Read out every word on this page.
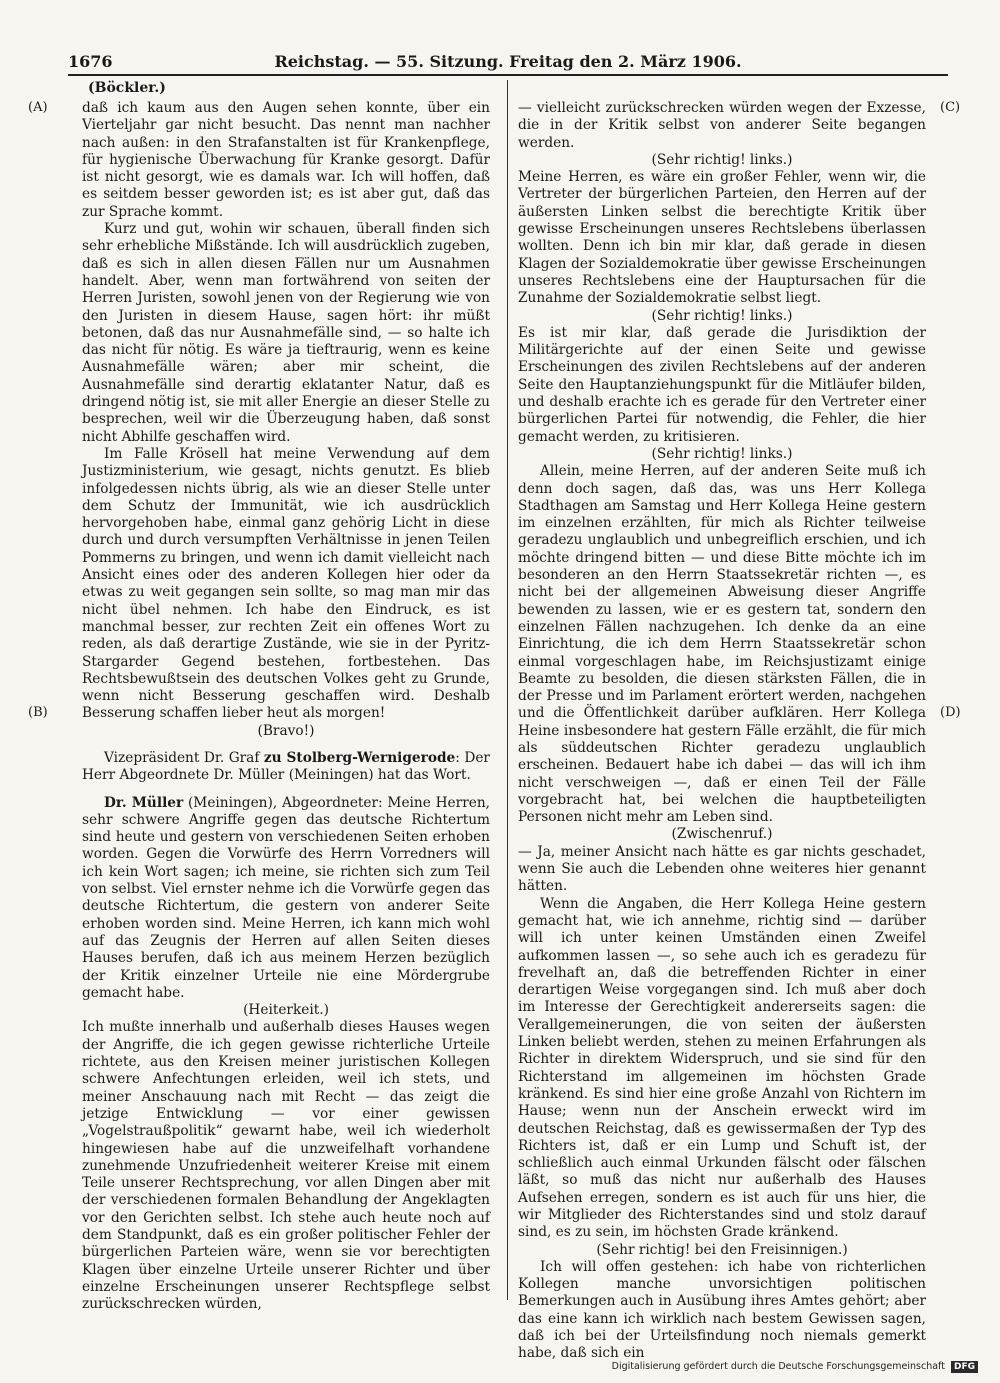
1676	Reichstag. — 55. Sitzung. Freitag den 2. März 1906.
(Böckler.)
(A)
(B)
(C)
(D)

daß ich kaum aus den Augen sehen konnte, über ein Vierteljahr gar nicht besucht. Das nennt man nachher nach außen: in den Strafanstalten ist für Krankenpflege, für hygienische Überwachung für Kranke gesorgt. Dafür ist nicht gesorgt, wie es damals war. Ich will hoffen, daß es seitdem besser geworden ist; es ist aber gut, daß das zur Sprache kommt.

Kurz und gut, wohin wir schauen, überall finden sich sehr erhebliche Mißstände. Ich will ausdrücklich zugeben, daß es sich in allen diesen Fällen nur um Ausnahmen handelt. Aber, wenn man fortwährend von seiten der Herren Juristen, sowohl jenen von der Regierung wie von den Juristen in diesem Hause, sagen hört: ihr müßt betonen, daß das nur Ausnahmefälle sind, — so halte ich das nicht für nötig. Es wäre ja tieftraurig, wenn es keine Ausnahmefälle wären; aber mir scheint, die Ausnahmefälle sind derartig eklatanter Natur, daß es dringend nötig ist, sie mit aller Energie an dieser Stelle zu besprechen, weil wir die Überzeugung haben, daß sonst nicht Abhilfe geschaffen wird.

Im Falle Krösell hat meine Verwendung auf dem Justizministerium, wie gesagt, nichts genutzt. Es blieb infolgedessen nichts übrig, als wie an dieser Stelle unter dem Schutz der Immunität, wie ich ausdrücklich hervorgehoben habe, einmal ganz gehörig Licht in diese durch und durch versumpften Verhältnisse in jenen Teilen Pommerns zu bringen, und wenn ich damit vielleicht nach Ansicht eines oder des anderen Kollegen hier oder da etwas zu weit gegangen sein sollte, so mag man mir das nicht übel nehmen. Ich habe den Eindruck, es ist manchmal besser, zur rechten Zeit ein offenes Wort zu reden, als daß derartige Zustände, wie sie in der Pyritz-Stargarder Gegend bestehen, fortbestehen. Das Rechtsbewußtsein des deutschen Volkes geht zu Grunde, wenn nicht Besserung geschaffen wird. Deshalb Besserung schaffen lieber heut als morgen!

(Bravo!)

Vizepräsident Dr. Graf zu Stolberg-Wernigerode: Der Herr Abgeordnete Dr. Müller (Meiningen) hat das Wort.

Dr. Müller (Meiningen), Abgeordneter: Meine Herren, sehr schwere Angriffe gegen das deutsche Richtertum sind heute und gestern von verschiedenen Seiten erhoben worden. Gegen die Vorwürfe des Herrn Vorredners will ich kein Wort sagen; ich meine, sie richten sich zum Teil von selbst. Viel ernster nehme ich die Vorwürfe gegen das deutsche Richtertum, die gestern von anderer Seite erhoben worden sind. Meine Herren, ich kann mich wohl auf das Zeugnis der Herren auf allen Seiten dieses Hauses berufen, daß ich aus meinem Herzen bezüglich der Kritik einzelner Urteile nie eine Mördergrube gemacht habe.

(Heiterkeit.)

Ich mußte innerhalb und außerhalb dieses Hauses wegen der Angriffe, die ich gegen gewisse richterliche Urteile richtete, aus den Kreisen meiner juristischen Kollegen schwere Anfechtungen erleiden, weil ich stets, und meiner Anschauung nach mit Recht — das zeigt die jetzige Entwicklung — vor einer gewissen „Vogelstraußpolitik“ gewarnt habe, weil ich wiederholt hingewiesen habe auf die unzweifelhaft vorhandene zunehmende Unzufriedenheit weiterer Kreise mit einem Teile unserer Rechtsprechung, vor allen Dingen aber mit der verschiedenen formalen Behandlung der Angeklagten vor den Gerichten selbst. Ich stehe auch heute noch auf dem Standpunkt, daß es ein großer politischer Fehler der bürgerlichen Parteien wäre, wenn sie vor berechtigten Klagen über einzelne Urteile unserer Richter und über einzelne Erscheinungen unserer Rechtspflege selbst zurückschrecken würden,

— vielleicht zurückschrecken würden wegen der Exzesse, die in der Kritik selbst von anderer Seite begangen werden.

(Sehr richtig! links.)

Meine Herren, es wäre ein großer Fehler, wenn wir, die Vertreter der bürgerlichen Parteien, den Herren auf der äußersten Linken selbst die berechtigte Kritik über gewisse Erscheinungen unseres Rechtslebens überlassen wollten. Denn ich bin mir klar, daß gerade in diesen Klagen der Sozialdemokratie über gewisse Erscheinungen unseres Rechtslebens eine der Hauptursachen für die Zunahme der Sozialdemokratie selbst liegt.

(Sehr richtig! links.)

Es ist mir klar, daß gerade die Jurisdiktion der Militärgerichte auf der einen Seite und gewisse Erscheinungen des zivilen Rechtslebens auf der anderen Seite den Hauptanziehungspunkt für die Mitläufer bilden, und deshalb erachte ich es gerade für den Vertreter einer bürgerlichen Partei für notwendig, die Fehler, die hier gemacht werden, zu kritisieren.

(Sehr richtig! links.)

Allein, meine Herren, auf der anderen Seite muß ich denn doch sagen, daß das, was uns Herr Kollega Stadthagen am Samstag und Herr Kollega Heine gestern im einzelnen erzählten, für mich als Richter teilweise geradezu unglaublich und unbegreiflich erschien, und ich möchte dringend bitten — und diese Bitte möchte ich im besonderen an den Herrn Staatssekretär richten —, es nicht bei der allgemeinen Abweisung dieser Angriffe bewenden zu lassen, wie er es gestern tat, sondern den einzelnen Fällen nachzugehen. Ich denke da an eine Einrichtung, die ich dem Herrn Staatssekretär schon einmal vorgeschlagen habe, im Reichsjustizamt einige Beamte zu besolden, die diesen stärksten Fällen, die in der Presse und im Parlament erörtert werden, nachgehen und die Öffentlichkeit darüber aufklären. Herr Kollega Heine insbesondere hat gestern Fälle erzählt, die für mich als süddeutschen Richter geradezu unglaublich erscheinen. Bedauert habe ich dabei — das will ich ihm nicht verschweigen —, daß er einen Teil der Fälle vorgebracht hat, bei welchen die hauptbeteiligten Personen nicht mehr am Leben sind.

(Zwischenruf.)

— Ja, meiner Ansicht nach hätte es gar nichts geschadet, wenn Sie auch die Lebenden ohne weiteres hier genannt hätten.

Wenn die Angaben, die Herr Kollega Heine gestern gemacht hat, wie ich annehme, richtig sind — darüber will ich unter keinen Umständen einen Zweifel aufkommen lassen —, so sehe auch ich es geradezu für frevelhaft an, daß die betreffenden Richter in einer derartigen Weise vorgegangen sind. Ich muß aber doch im Interesse der Gerechtigkeit andererseits sagen: die Verallgemeinerungen, die von seiten der äußersten Linken beliebt werden, stehen zu meinen Erfahrungen als Richter in direktem Widerspruch, und sie sind für den Richterstand im allgemeinen im höchsten Grade kränkend. Es sind hier eine große Anzahl von Richtern im Hause; wenn nun der Anschein erweckt wird im deutschen Reichstag, daß es gewissermaßen der Typ des Richters ist, daß er ein Lump und Schuft ist, der schließlich auch einmal Urkunden fälscht oder fälschen läßt, so muß das nicht nur außerhalb des Hauses Aufsehen erregen, sondern es ist auch für uns hier, die wir Mitglieder des Richterstandes sind und stolz darauf sind, es zu sein, im höchsten Grade kränkend.

(Sehr richtig! bei den Freisinnigen.)

Ich will offen gestehen: ich habe von richterlichen Kollegen manche unvorsichtigen politischen Bemerkungen auch in Ausübung ihres Amtes gehört; aber das eine kann ich wirklich nach bestem Gewissen sagen, daß ich bei der Urteilsfindung noch niemals gemerkt habe, daß sich ein

Digitalisierung gefördert durch die Deutsche Forschungsgemeinschaft DFG
